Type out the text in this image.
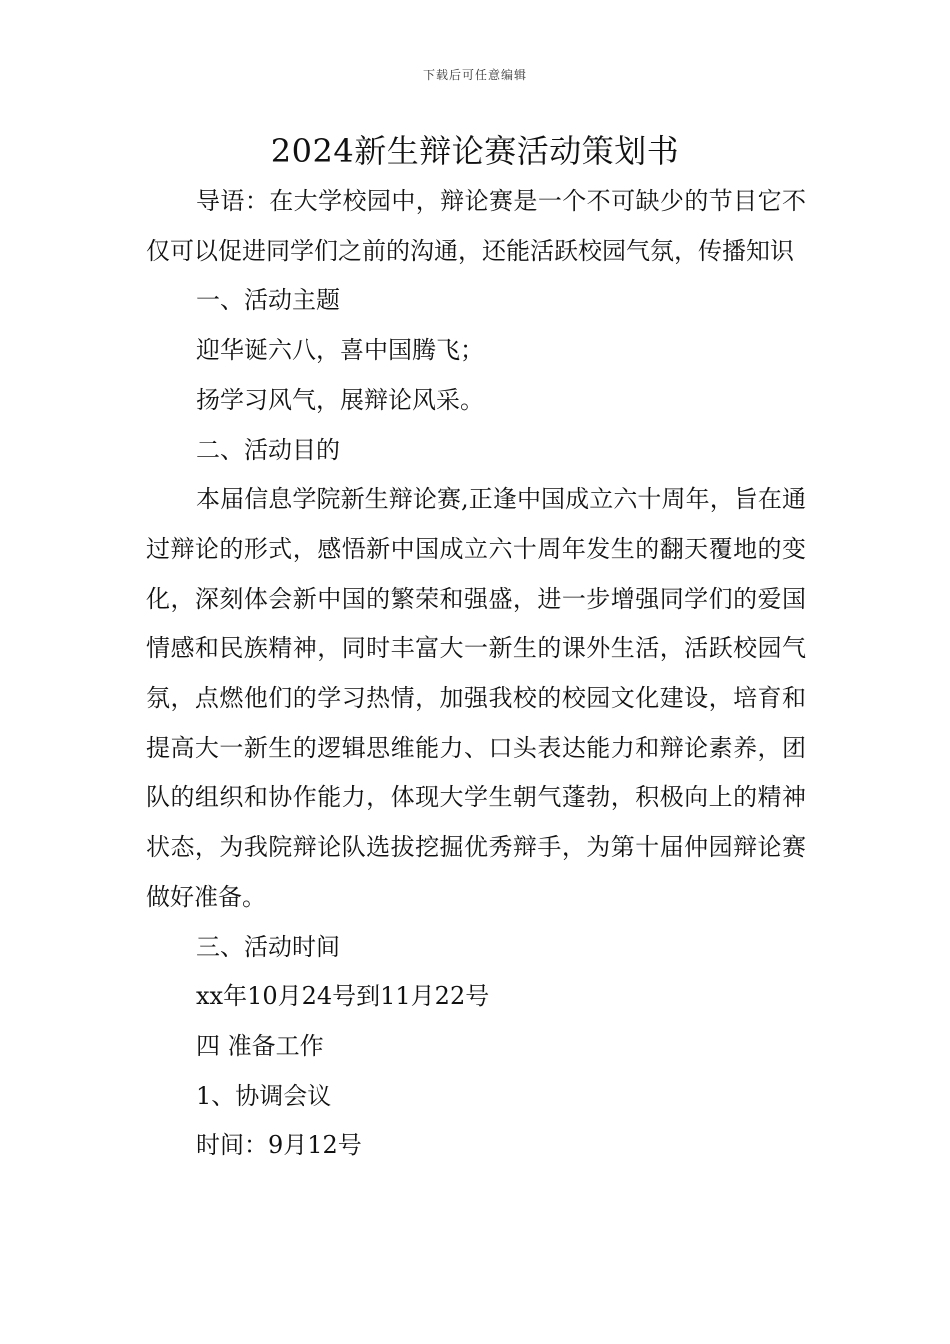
下载后可任意编辑
2024新生辩论赛活动策划书

导语：在大学校园中，辩论赛是一个不可缺少的节目它不仅可以促进同学们之前的沟通，还能活跃校园气氛，传播知识

一、活动主题

迎华诞六八，喜中国腾飞；

扬学习风气，展辩论风采。

二、活动目的

本届信息学院新生辩论赛,正逢中国成立六十周年，旨在通过辩论的形式，感悟新中国成立六十周年发生的翻天覆地的变化，深刻体会新中国的繁荣和强盛，进一步增强同学们的爱国情感和民族精神，同时丰富大一新生的课外生活，活跃校园气氛，点燃他们的学习热情，加强我校的校园文化建设，培育和提高大一新生的逻辑思维能力、口头表达能力和辩论素养，团队的组织和协作能力，体现大学生朝气蓬勃，积极向上的精神状态，为我院辩论队选拔挖掘优秀辩手，为第十届仲园辩论赛做好准备。

三、活动时间

xx年10月24号到11月22号

四 准备工作

1、协调会议

时间：9月12号
